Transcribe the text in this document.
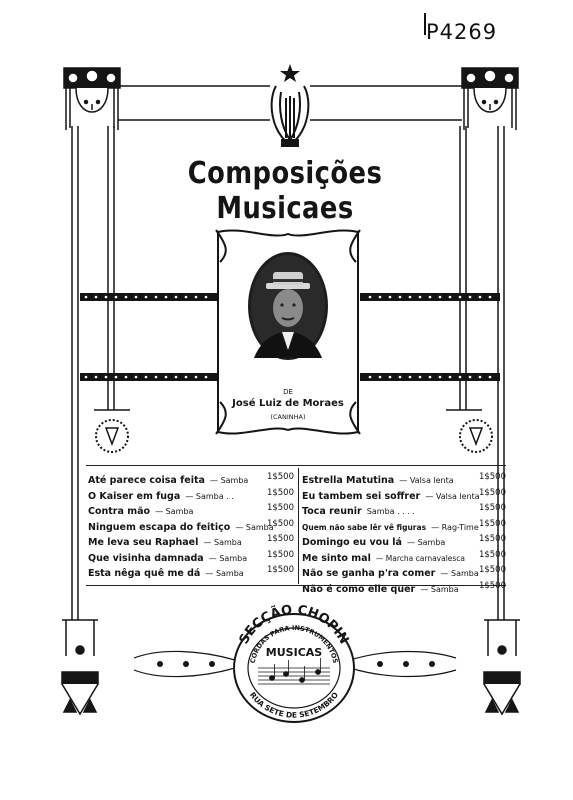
P4269
Composições Musicaes
DE
José Luiz de Moraes
(CANINHA)
Até parece coisa feita — Samba 1$500
O Kaiser em fuga — Samba . .	1$500
Contra mão — Samba	1$500
Ninguem escapa do feitiço — Samba
1$500
Me leva seu Raphael — Samba	1$500
Que visinha damnada — Samba 1$500
Esta nêga quê me dá — Samba	1$500
Estrella Matutina — Valsa lenta	1$500
Eu tambem sei soffrer — Valsa lenta 1$500
Toca reunir Samba . . . .	1$500
Quem não sabe lêr vê figuras — Rag-Time 1$500
Domingo eu vou lá — Samba	1$500
Me sinto mal — Marcha carnavalesca 1$500
Não se ganha p'ra comer — Samba 1$500
Não é como elle quer — Samba 1$500
SECÇÃO CHOPIN
CORDAS PARA INSTRUMENTOS
MUSICAS
RUA SETE DE SETEMBRO
